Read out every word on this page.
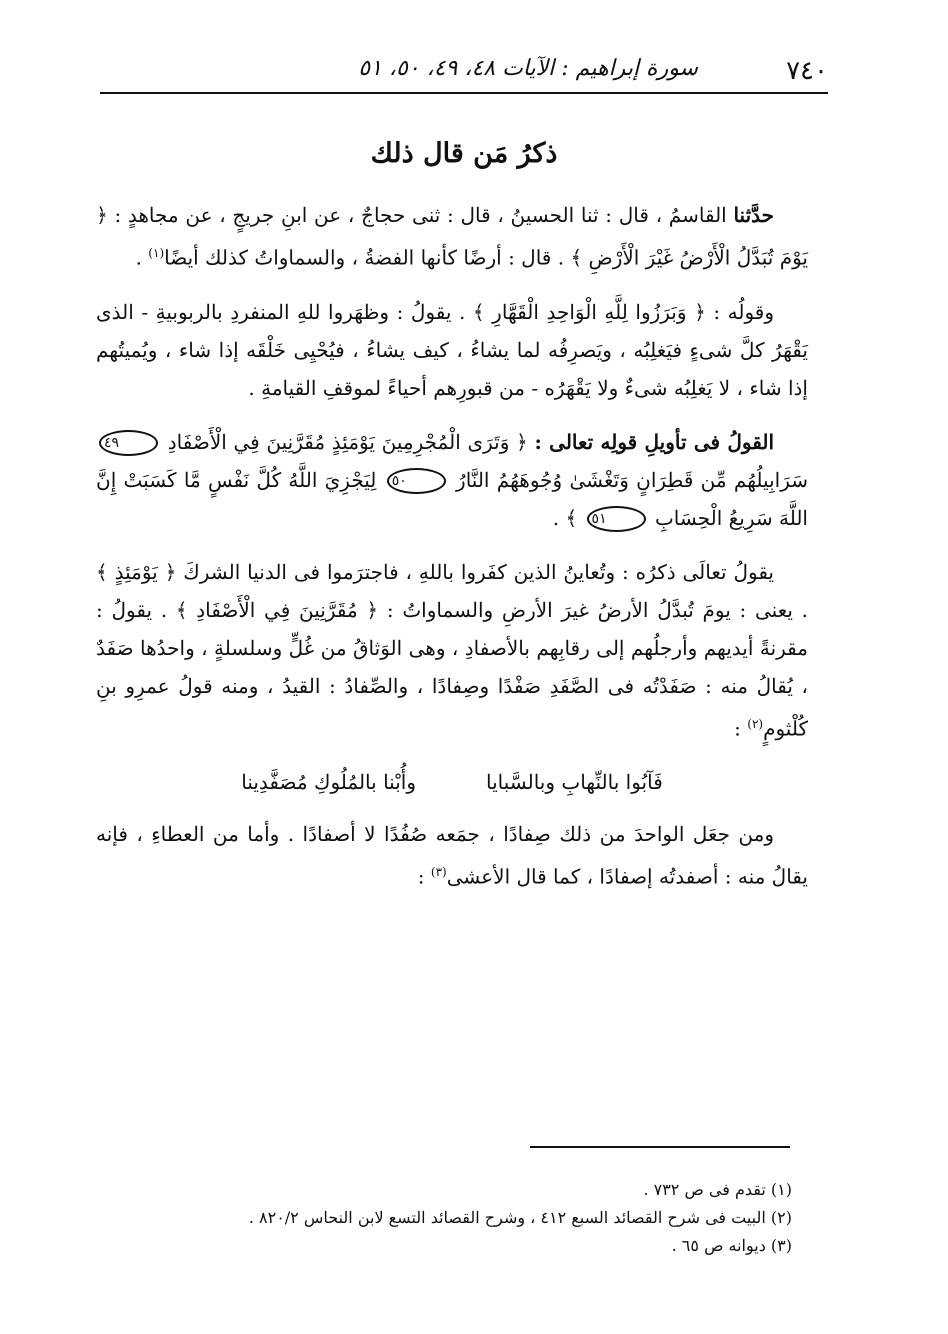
٧٤٠
سورة إبراهيم : الآيات ٤٨، ٤٩، ٥٠، ٥١
ذكرُ مَن قال ذلك

حدَّثنا القاسمُ ، قال : ثنا الحسينُ ، قال : ثنى حجاجٌ ، عن ابنِ جريجٍ ، عن مجاهدٍ : ﴿ يَوْمَ تُبَدَّلُ الْأَرْضُ غَيْرَ الْأَرْضِ ﴾ . قال : أرضًا كأنها الفضةُ ، والسماواتُ كذلك أيضًا$^{(١)}$ .

وقولُه : ﴿ وَبَرَزُوا لِلَّهِ الْوَاحِدِ الْقَهَّارِ ﴾ . يقولُ : وظهَروا للهِ المنفردِ بالربوبيةِ - الذى يَقْهَرُ كلَّ شىءٍ فيَغلِبُه ، ويَصرِفُه لما يشاءُ ، كيف يشاءُ ، فيُحْيِى خَلْقَه إذا شاء ، ويُميتُهم إذا شاء ، لا يَغلِبُه شىءٌ ولا يَقْهَرُه - من قبورِهم أحياءً لموقفِ القيامةِ .

القولُ فى تأويلِ قولِه تعالى : ﴿ وَتَرَى الْمُجْرِمِينَ يَوْمَئِذٍ مُقَرَّنِينَ فِي الْأَصْفَادِ ٤٩ سَرَابِيلُهُم مِّن قَطِرَانٍ وَتَغْشَىٰ وُجُوهَهُمُ النَّارُ ٥٠ لِيَجْزِيَ اللَّهُ كُلَّ نَفْسٍ مَّا كَسَبَتْ إِنَّ اللَّهَ سَرِيعُ الْحِسَابِ ٥١ ﴾ .

يقولُ تعالَى ذكرُه : وتُعاينُ الذين كفَروا باللهِ ، فاجترَموا فى الدنيا الشركَ ﴿ يَوْمَئِذٍ ﴾ . يعنى : يومَ تُبدَّلُ الأرضُ غيرَ الأرضِ والسماواتُ : ﴿ مُقَرَّنِينَ فِي الْأَصْفَادِ ﴾ . يقولُ : مقرنةً أيديهم وأرجلُهم إلى رقابِهم بالأصفادِ ، وهى الوَثاقُ من غُلٍّ وسلسلةٍ ، واحدُها صَفَدٌ ، يُقالُ منه : صَفَدْتُه فى الصَّفَدِ صَفْدًا وصِفادًا ، والصِّفادُ : القيدُ ، ومنه قولُ عمرِو بنِ كُلْثومٍ$^{(٢)}$ :

فَآبُوا بالنِّهابِ وبالسَّبايا
وأُبْنا بالمُلُوكِ مُصَفَّدِينا

ومن جعَل الواحدَ من ذلك صِفادًا ، جمَعه صُفُدًا لا أصفادًا . وأما من العطاءِ ، فإنه يقالُ منه : أصفدتُه إصفادًا ، كما قال الأعشى$^{(٣)}$ :

(١) تقدم فى ص ٧٣٢ .
(٢) البيت فى شرح القصائد السبع ٤١٢ ، وشرح القصائد التسع لابن النحاس ٨٢٠/٢ .
(٣) ديوانه ص ٦٥ .
